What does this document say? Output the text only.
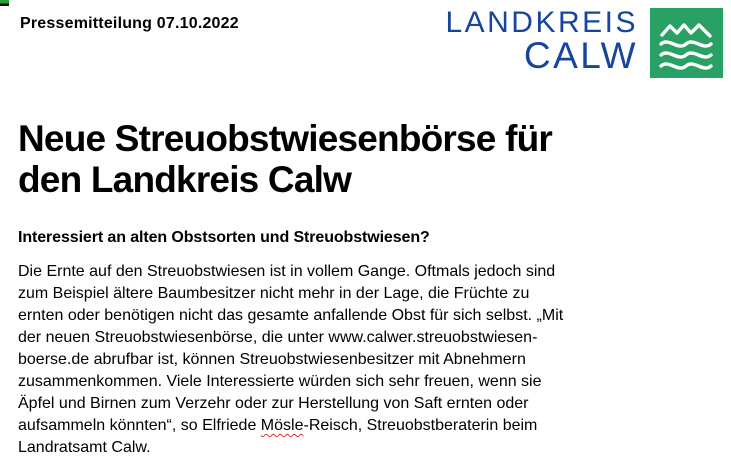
Pressemitteilung 07.10.2022	LANDKREIS
CALW
Neue Streuobstwiesenbörse für
den Landkreis Calw
Interessiert an alten Obstsorten und Streuobstwiesen?
Die Ernte auf den Streuobstwiesen ist in vollem Gange. Oftmals jedoch sind
zum Beispiel ältere Baumbesitzer nicht mehr in der Lage, die Früchte zu
ernten oder benötigen nicht das gesamte anfallende Obst für sich selbst. „Mit
der neuen Streuobstwiesenbörse, die unter www.calwer.streuobstwiesen-
boerse.de abrufbar ist, können Streuobstwiesenbesitzer mit Abnehmern
zusammenkommen. Viele Interessierte würden sich sehr freuen, wenn sie
Äpfel und Birnen zum Verzehr oder zur Herstellung von Saft ernten oder
aufsammeln könnten“, so Elfriede Mösle-Reisch, Streuobstberaterin beim
Landratsamt Calw.
